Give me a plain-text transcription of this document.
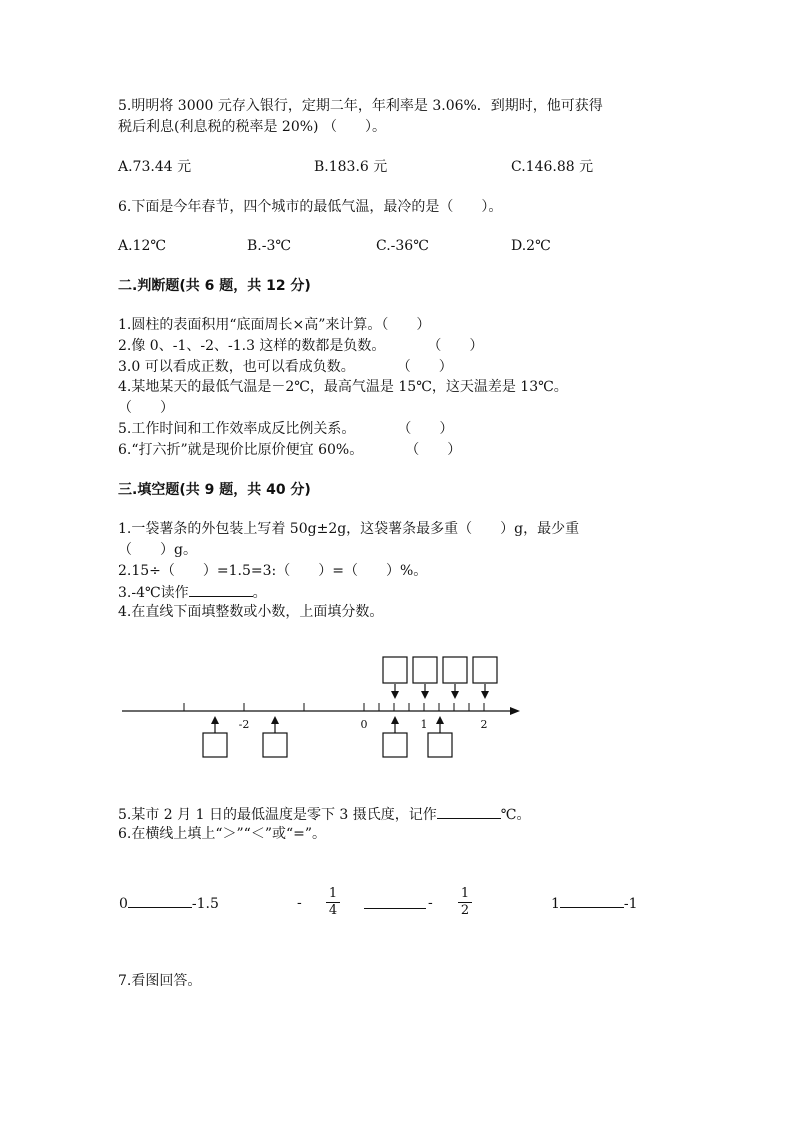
5.明明将 3000 元存入银行，定期二年，年利率是 3.06%．到期时，他可获得
税后利息(利息税的税率是 20%) （　　）。
A.73.44 元	B.183.6 元	C.146.88 元
6.下面是今年春节，四个城市的最低气温，最冷的是（　　）。
A.12℃	B.-3℃	C.-36℃	D.2℃
二.判断题(共 6 题，共 12 分)
1.圆柱的表面积用“底面周长×高”来计算。（　　）
2.像 0、-1、-2、-1.3 这样的数都是负数。　　　　（　　）
3.0 可以看成正数，也可以看成负数。　　　　（　　）
4.某地某天的最低气温是－2℃，最高气温是 15℃，这天温差是 13℃。
（　　）
5.工作时间和工作效率成反比例关系。　　　　（　　）
6.“打六折”就是现价比原价便宜 60%。　　　　（　　）
三.填空题(共 9 题，共 40 分)
1.一袋薯条的外包装上写着 50g±2g，这袋薯条最多重（　　）g，最少重
（　　）g。
2.15÷（　　）=1.5=3:（　　）=（　　）%。
3.-4℃读作	。
4.在直线下面填整数或小数，上面填分数。
-2	0	1	2
5.某市 2 月 1 日的最低温度是零下 3 摄氏度，记作	℃。
6.在横线上填上“＞”“＜”或“=”。
0	-1.5	-
1
4	-
1
2	1	-1
7.看图回答。
